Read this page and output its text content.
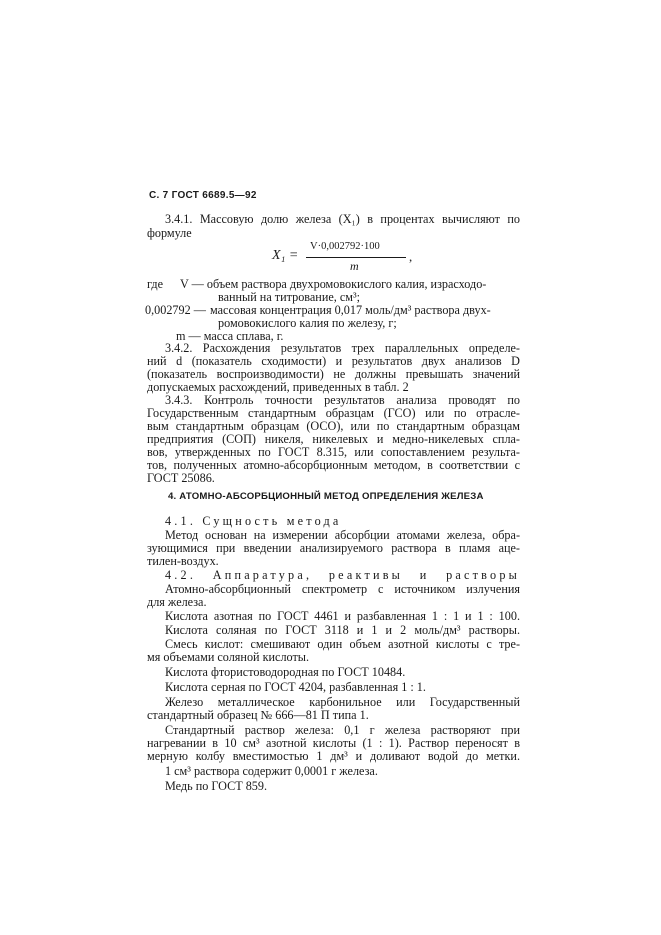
С. 7 ГОСТ 6689.5—92
3.4.1. Массовую долю железа (X₁) в процентах вычисляют по
формуле
X₁ =
V·0,002792·100
m
,
где V — объем раствора двухромовокислого калия, израсходо-
ванный на титрование, см³;
0,002792 — массовая концентрация 0,017 моль/дм³ раствора двух-
ромовокислого калия по железу, г;
m — масса сплава, г.
3.4.2. Расхождения результатов трех параллельных определе-
ний d (показатель сходимости) и результатов двух анализов D
(показатель воспроизводимости) не должны превышать значений
допускаемых расхождений, приведенных в табл. 2
3.4.3. Контроль точности результатов анализа проводят по
Государственным стандартным образцам (ГСО) или по отрасле-
вым стандартным образцам (ОСО), или по стандартным образцам
предприятия (СОП) никеля, никелевых и медно-никелевых спла-
вов, утвержденных по ГОСТ 8.315, или сопоставлением результа-
тов, полученных атомно-абсорбционным методом, в соответствии с
ГОСТ 25086.
4. АТОМНО-АБСОРБЦИОННЫЙ МЕТОД ОПРЕДЕЛЕНИЯ ЖЕЛЕЗА
4.1. Сущность метода
Метод основан на измерении абсорбции атомами железа, обра-
зующимися при введении анализируемого раствора в пламя аце-
тилен-воздух.
4.2. Аппаратура, реактивы и растворы
Атомно-абсорбционный спектрометр с источником излучения
для железа.
Кислота азотная по ГОСТ 4461 и разбавленная 1 : 1 и 1 : 100.
Кислота соляная по ГОСТ 3118 и 1 и 2 моль/дм³ растворы.
Смесь кислот: смешивают один объем азотной кислоты с тре-
мя объемами соляной кислоты.
Кислота фтористоводородная по ГОСТ 10484.
Кислота серная по ГОСТ 4204, разбавленная 1 : 1.
Железо металлическое карбонильное или Государственный
стандартный образец № 666—81 П типа 1.
Стандартный раствор железа: 0,1 г железа растворяют при
нагревании в 10 см³ азотной кислоты (1 : 1). Раствор переносят в
мерную колбу вместимостью 1 дм³ и доливают водой до метки.
1 см³ раствора содержит 0,0001 г железа.
Медь по ГОСТ 859.
